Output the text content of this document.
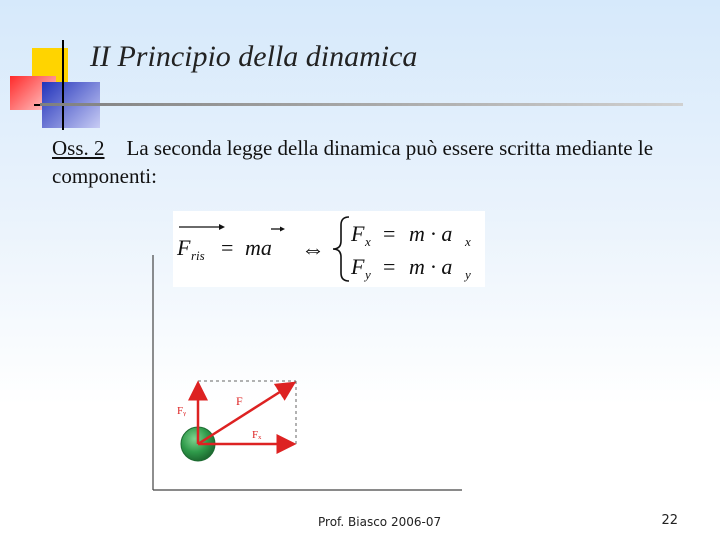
II Principio della dinamica
Oss. 2 La seconda legge della dinamica può essere scritta mediante le componenti:
F ris = ma ⇔
F x = m · a x
F y = m · a y
Fᵧ
F
Fₓ
Prof. Biasco 2006-07	22
